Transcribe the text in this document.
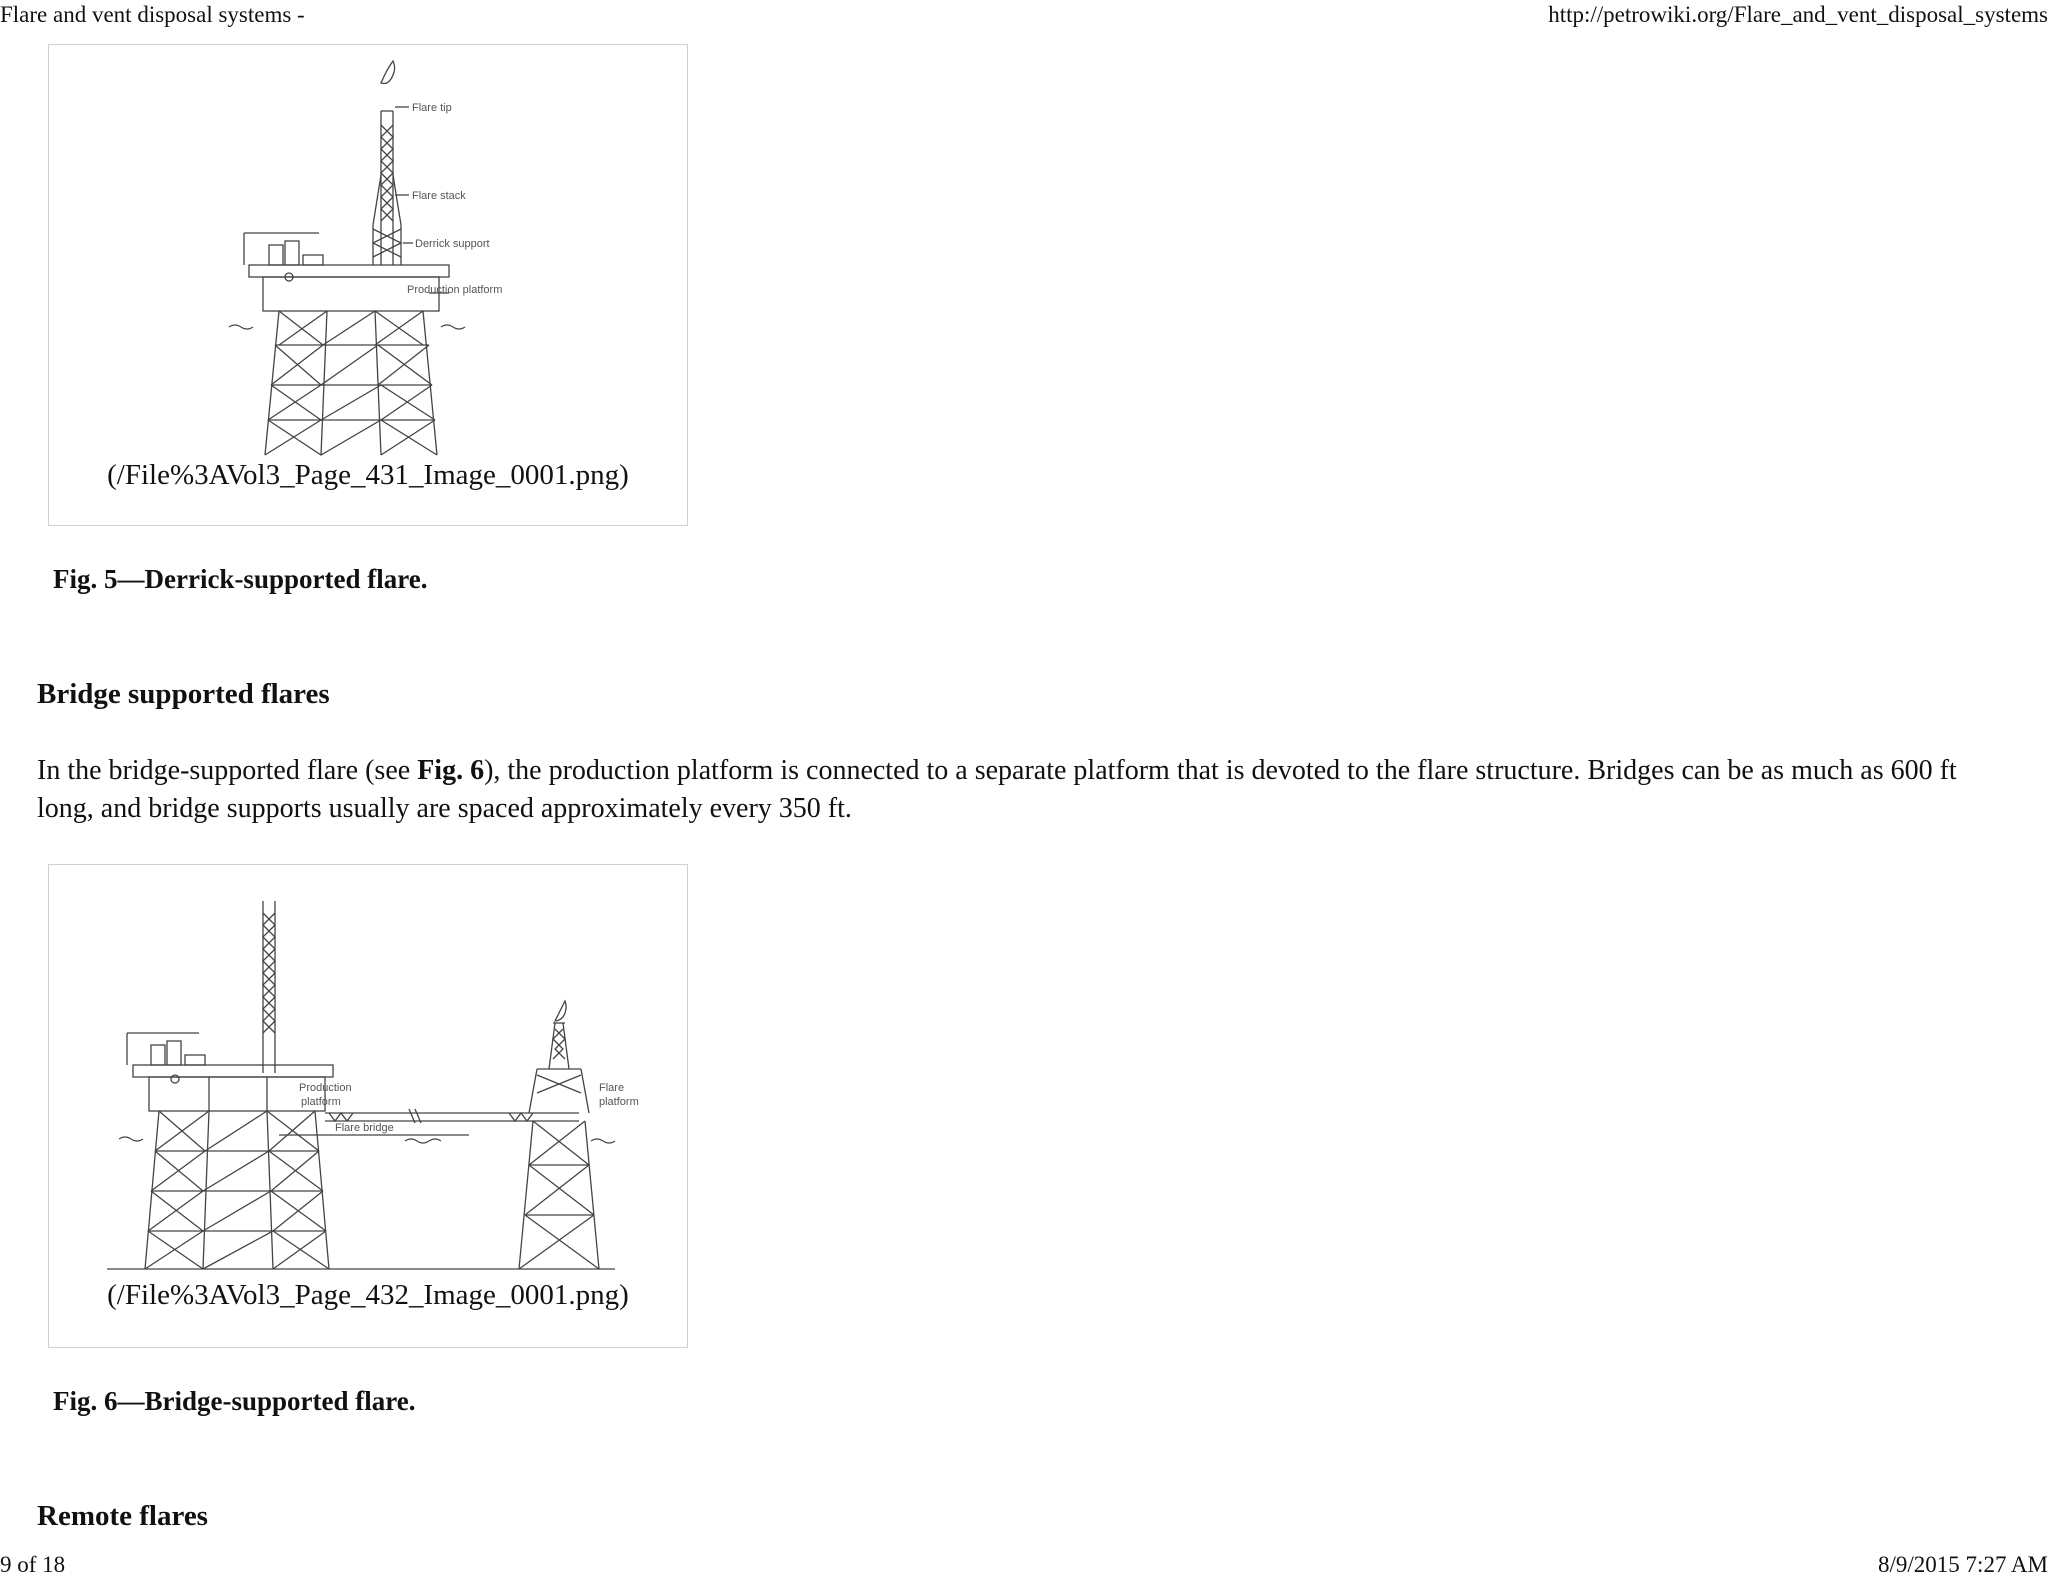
Flare and vent disposal systems -	http://petrowiki.org/Flare_and_vent_disposal_systems
Flare tip
Flare stack
Derrick support
Production platform
(/File%3AVol3_Page_431_Image_0001.png)
Fig. 5—Derrick-supported flare.
Bridge supported flares
In the bridge-supported flare (see Fig. 6), the production platform is connected to a separate platform that is devoted to the flare structure. Bridges can be as much as 600 ft long, and bridge supports usually are spaced approximately every 350 ft.
Production
platform
Flare bridge
Flare
platform
(/File%3AVol3_Page_432_Image_0001.png)
Fig. 6—Bridge-supported flare.
Remote flares
9 of 18	8/9/2015 7:27 AM
